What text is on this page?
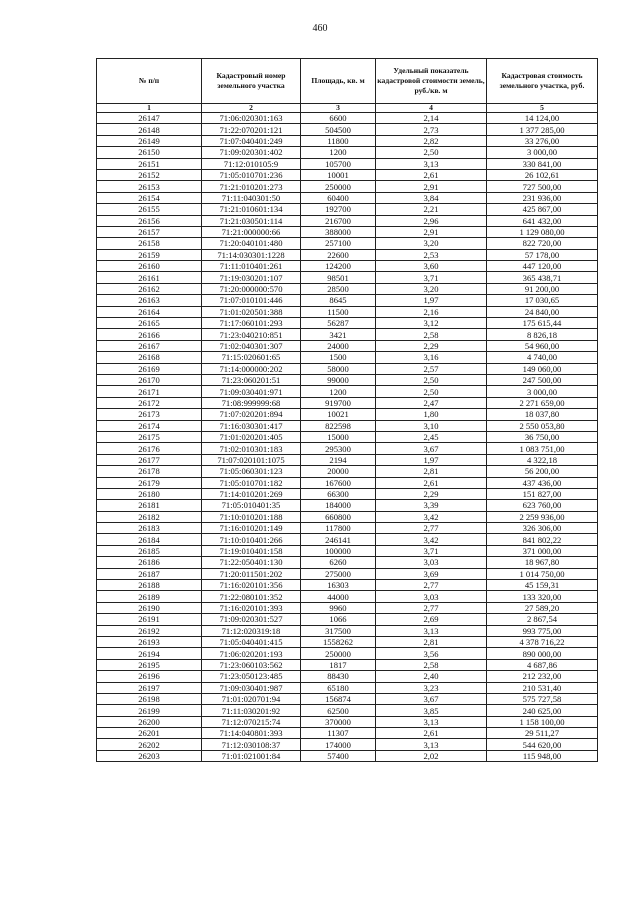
460
№ п/п	Кадастровый номер земельного участка	Площадь, кв. м	Удельный показатель кадастровой стоимости земель, руб./кв. м	Кадастровая стоимость земельного участка, руб.
1	2	3	4	5
26147	71:06:020301:163	6600	2,14	14 124,00
26148	71:22:070201:121	504500	2,73	1 377 285,00
26149	71:07:040401:249	11800	2,82	33 276,00
26150	71:09:020301:402	1200	2,50	3 000,00
26151	71:12:010105:9	105700	3,13	330 841,00
26152	71:05:010701:236	10001	2,61	26 102,61
26153	71:21:010201:273	250000	2,91	727 500,00
26154	71:11:040301:50	60400	3,84	231 936,00
26155	71:21:010601:134	192700	2,21	425 867,00
26156	71:21:030501:114	216700	2,96	641 432,00
26157	71:21:000000:66	388000	2,91	1 129 080,00
26158	71:20:040101:480	257100	3,20	822 720,00
26159	71:14:030301:1228	22600	2,53	57 178,00
26160	71:11:010401:261	124200	3,60	447 120,00
26161	71:19:030201:107	98501	3,71	365 438,71
26162	71:20:000000:570	28500	3,20	91 200,00
26163	71:07:010101:446	8645	1,97	17 030,65
26164	71:01:020501:388	11500	2,16	24 840,00
26165	71:17:060101:293	56287	3,12	175 615,44
26166	71:23:040210:851	3421	2,58	8 826,18
26167	71:02:040301:307	24000	2,29	54 960,00
26168	71:15:020601:65	1500	3,16	4 740,00
26169	71:14:000000:202	58000	2,57	149 060,00
26170	71:23:060201:51	99000	2,50	247 500,00
26171	71:09:030401:971	1200	2,50	3 000,00
26172	71:08:999999:68	919700	2,47	2 271 659,00
26173	71:07:020201:894	10021	1,80	18 037,80
26174	71:16:030301:417	822598	3,10	2 550 053,80
26175	71:01:020201:405	15000	2,45	36 750,00
26176	71:02:010301:183	295300	3,67	1 083 751,00
26177	71:07:020101:1075	2194	1,97	4 322,18
26178	71:05:060301:123	20000	2,81	56 200,00
26179	71:05:010701:182	167600	2,61	437 436,00
26180	71:14:010201:269	66300	2,29	151 827,00
26181	71:05:010401:35	184000	3,39	623 760,00
26182	71:10:010201:188	660800	3,42	2 259 936,00
26183	71:16:010201:149	117800	2,77	326 306,00
26184	71:10:010401:266	246141	3,42	841 802,22
26185	71:19:010401:158	100000	3,71	371 000,00
26186	71:22:050401:130	6260	3,03	18 967,80
26187	71:20:011501:202	275000	3,69	1 014 750,00
26188	71:16:020101:356	16303	2,77	45 159,31
26189	71:22:080101:352	44000	3,03	133 320,00
26190	71:16:020101:393	9960	2,77	27 589,20
26191	71:09:020301:527	1066	2,69	2 867,54
26192	71:12:020319:18	317500	3,13	993 775,00
26193	71:05:040401:415	1558262	2,81	4 378 716,22
26194	71:06:020201:193	250000	3,56	890 000,00
26195	71:23:060103:562	1817	2,58	4 687,86
26196	71:23:050123:485	88430	2,40	212 232,00
26197	71:09:030401:987	65180	3,23	210 531,40
26198	71:01:020701:94	156874	3,67	575 727,58
26199	71:11:030201:92	62500	3,85	240 625,00
26200	71:12:070215:74	370000	3,13	1 158 100,00
26201	71:14:040801:393	11307	2,61	29 511,27
26202	71:12:030108:37	174000	3,13	544 620,00
26203	71:01:021001:84	57400	2,02	115 948,00
